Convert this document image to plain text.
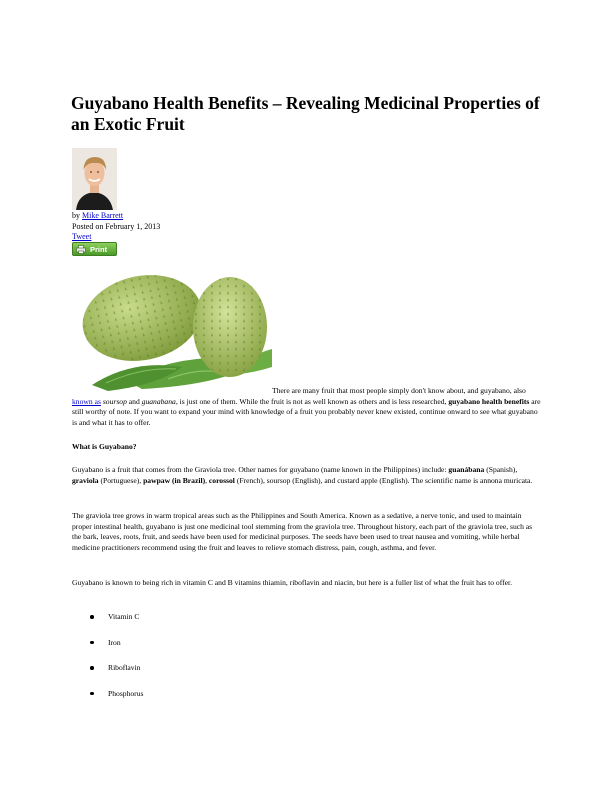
Guyabano Health Benefits – Revealing Medicinal Properties of an Exotic Fruit
by Mike Barrett
Posted on February 1, 2013
Tweet
Print

There are many fruit that most people simply don't know about, and guyabano, also known as soursop and guanabana, is just one of them. While the fruit is not as well known as others and is less researched, guyabano health benefits are still worthy of note. If you want to expand your mind with knowledge of a fruit you probably never knew existed, continue onward to see what guyabano is and what it has to offer.

What is Guyabano?

Guyabano is a fruit that comes from the Graviola tree. Other names for guyabano (name known in the Philippines) include: guanábana (Spanish), graviola (Portuguese), pawpaw (in Brazil), corossol (French), soursop (English), and custard apple (English). The scientific name is annona muricata.

The graviola tree grows in warm tropical areas such as the Philippines and South America. Known as a sedative, a nerve tonic, and used to maintain proper intestinal health, guyabano is just one medicinal tool stemming from the graviola tree. Throughout history, each part of the graviola tree, such as the bark, leaves, roots, fruit, and seeds have been used for medicinal purposes. The seeds have been used to treat nausea and vomiting, while herbal medicine practitioners recommend using the fruit and leaves to relieve stomach distress, pain, cough, asthma, and fever.

Guyabano is known to being rich in vitamin C and B vitamins thiamin, riboflavin and niacin, but here is a fuller list of what the fruit has to offer.

Vitamin C
Iron
Riboflavin
Phosphorus
